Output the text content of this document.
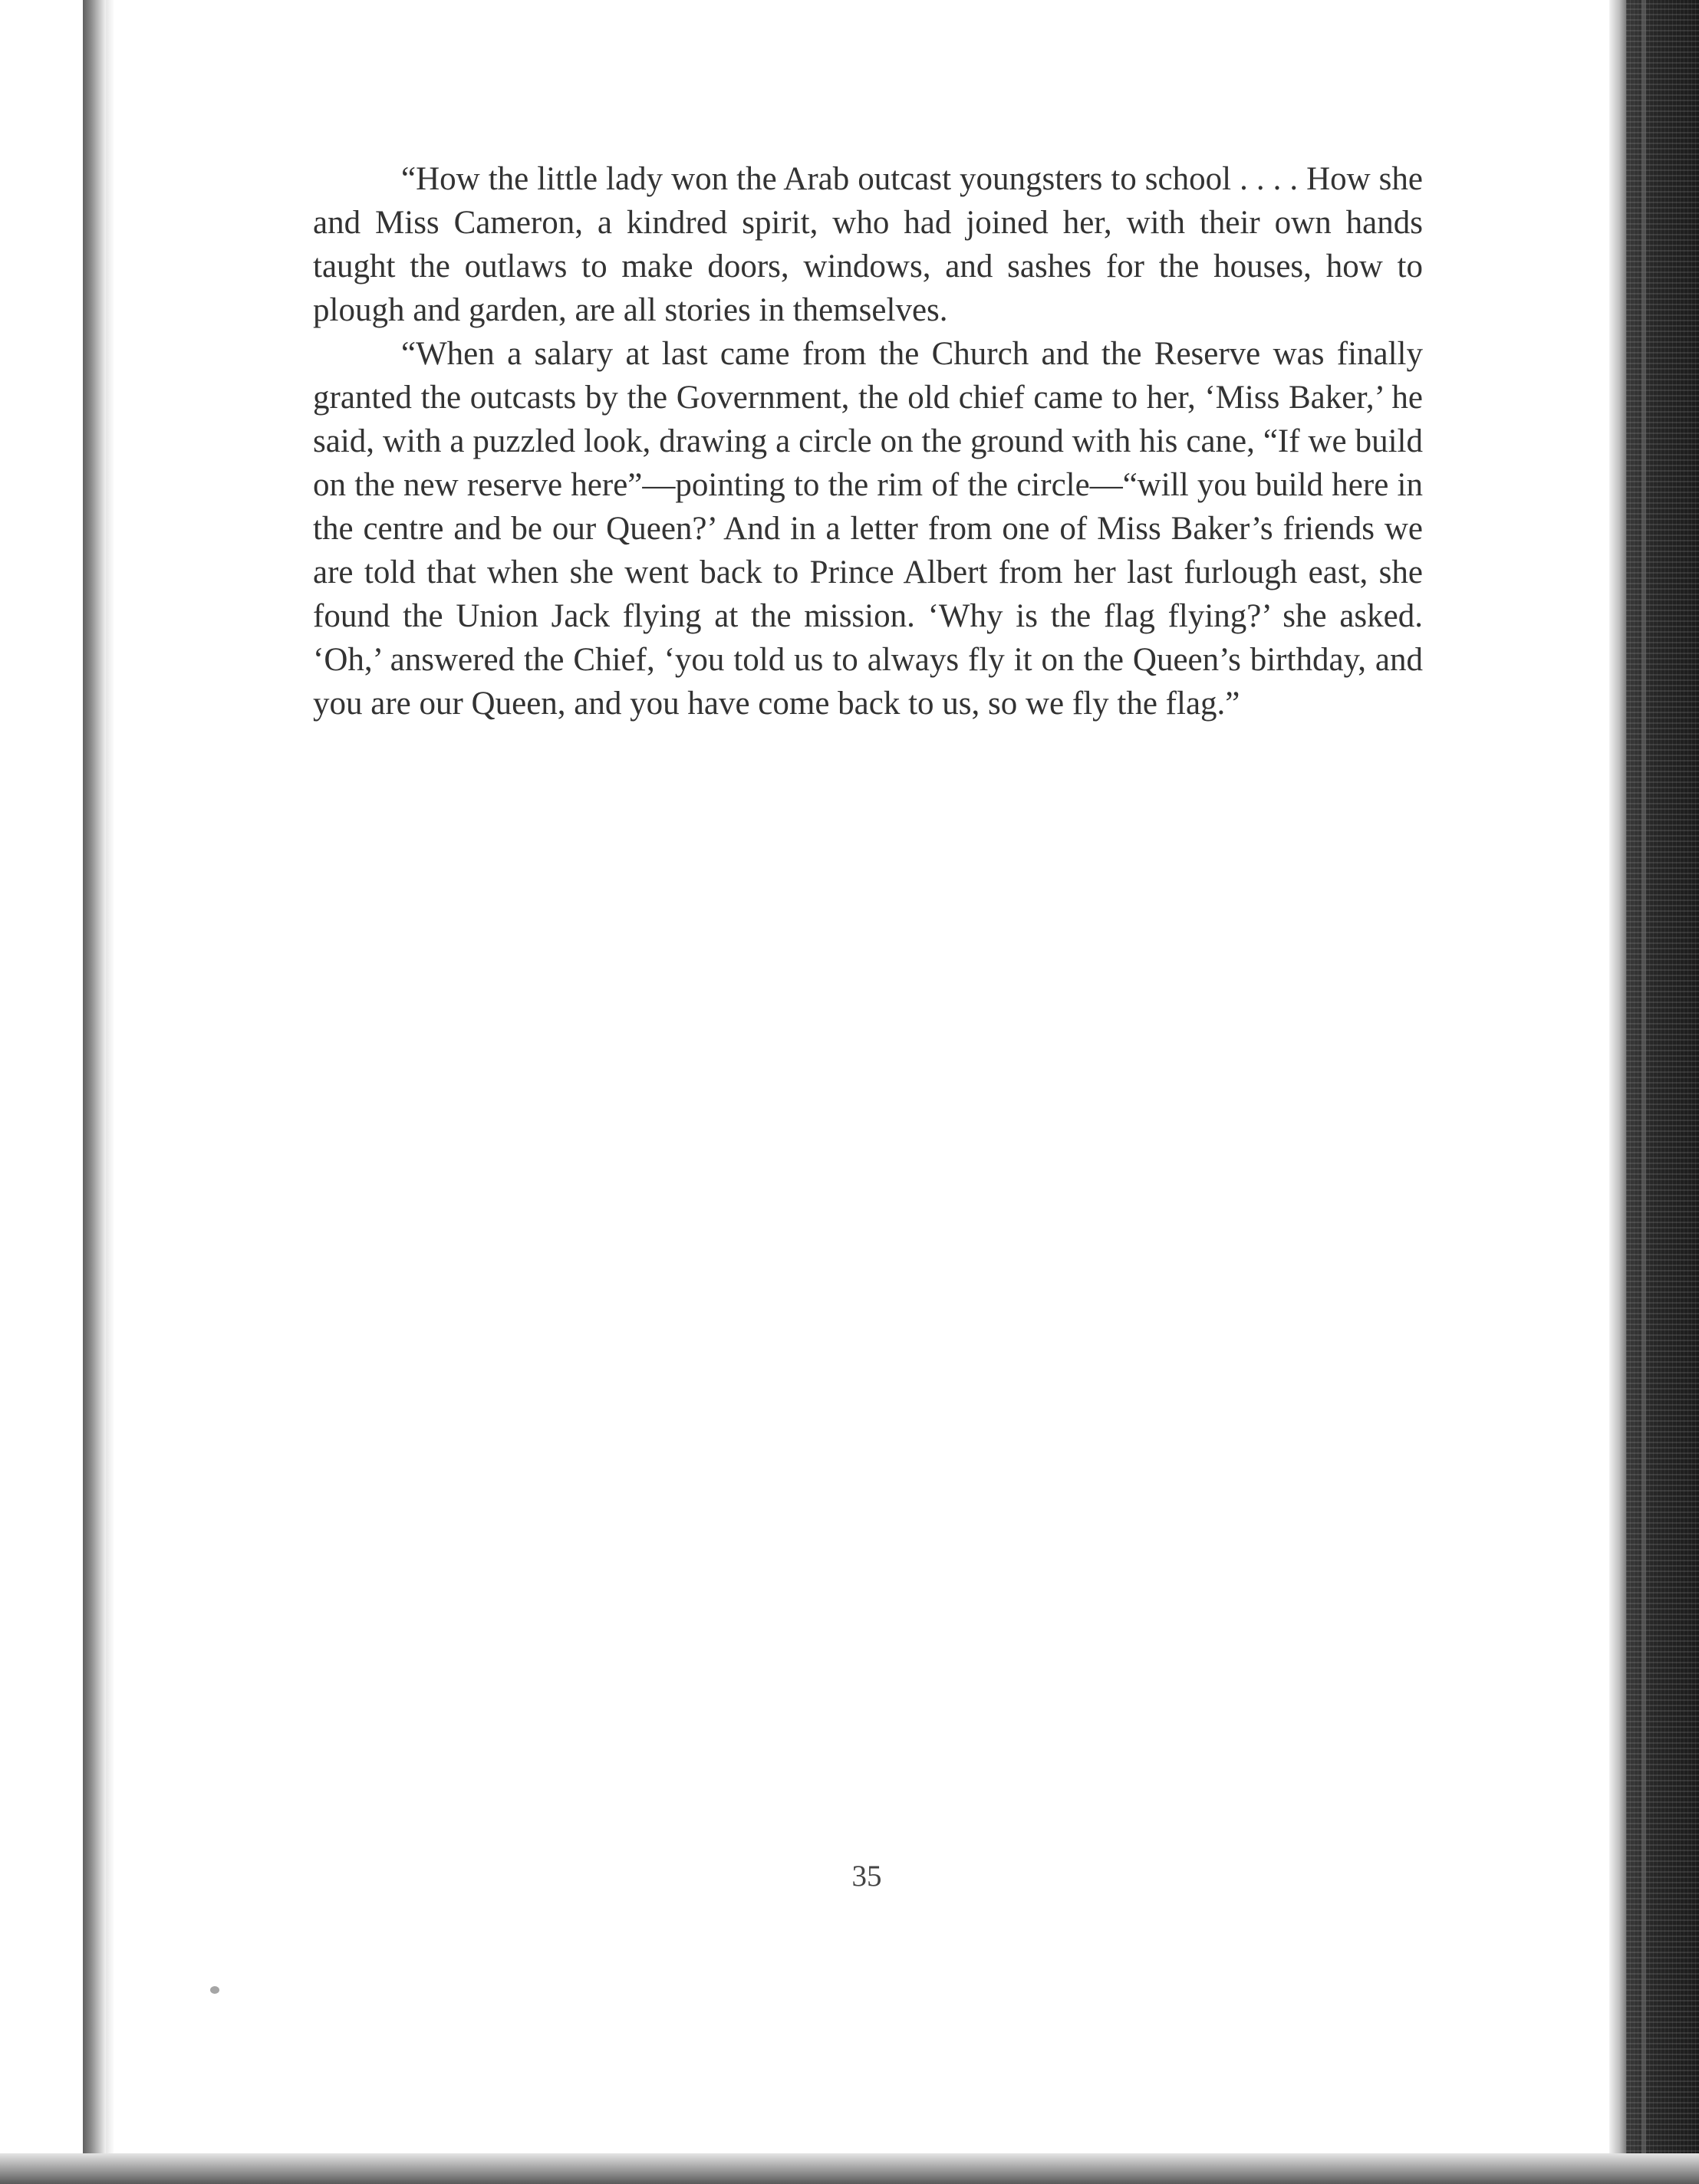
“How the little lady won the Arab outcast youngsters to school . . . . How she and Miss Cameron, a kindred spirit, who had joined her, with their own hands taught the outlaws to make doors, windows, and sashes for the houses, how to plough and garden, are all stories in themselves.

“When a salary at last came from the Church and the Reserve was finally granted the outcasts by the Government, the old chief came to her, ‘Miss Baker,’ he said, with a puzzled look, drawing a circle on the ground with his cane, “If we build on the new reserve here”—pointing to the rim of the circle—“will you build here in the centre and be our Queen?’ And in a letter from one of Miss Baker’s friends we are told that when she went back to Prince Albert from her last furlough east, she found the Union Jack flying at the mission. ‘Why is the flag flying?’ she asked. ‘Oh,’ answered the Chief, ‘you told us to always fly it on the Queen’s birthday, and you are our Queen, and you have come back to us, so we fly the flag.”

35
